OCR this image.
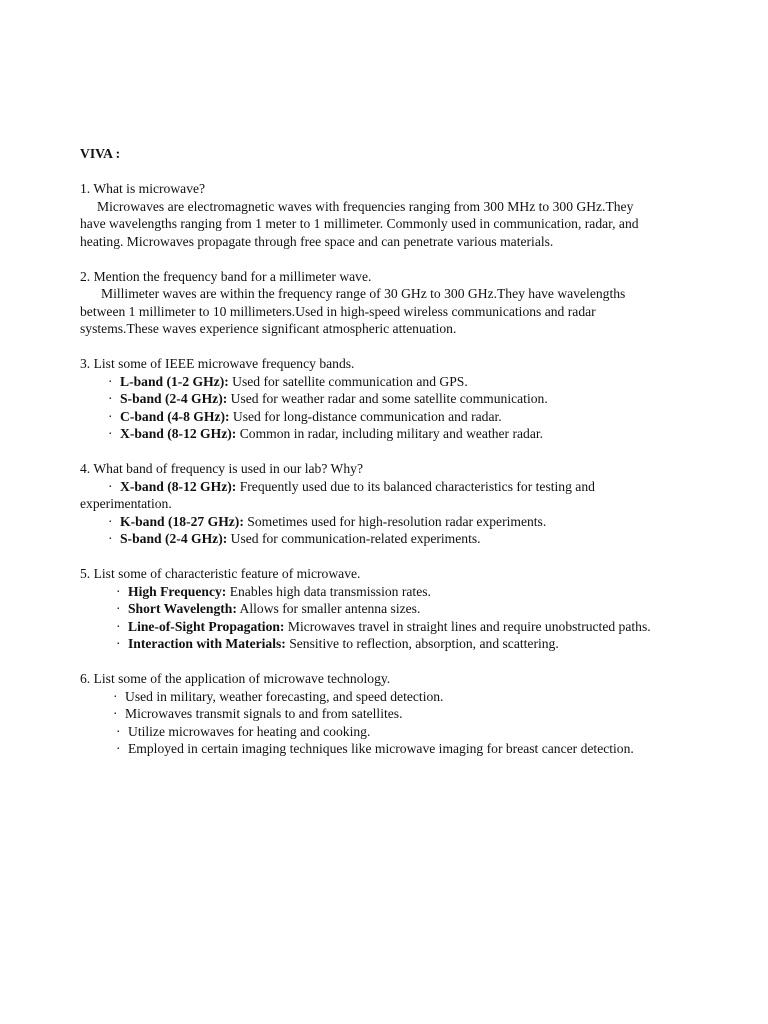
VIVA :
1. What is microwave?
Microwaves are electromagnetic waves with frequencies ranging from 300 MHz to 300 GHz.They
have wavelengths ranging from 1 meter to 1 millimeter. Commonly used in communication, radar, and
heating. Microwaves propagate through free space and can penetrate various materials.
2. Mention the frequency band for a millimeter wave.
Millimeter waves are within the frequency range of 30 GHz to 300 GHz.They have wavelengths
between 1 millimeter to 10 millimeters.Used in high-speed wireless communications and radar
systems.These waves experience significant atmospheric attenuation.
3. List some of IEEE microwave frequency bands.
· L-band (1-2 GHz): Used for satellite communication and GPS.
· S-band (2-4 GHz): Used for weather radar and some satellite communication.
· C-band (4-8 GHz): Used for long-distance communication and radar.
· X-band (8-12 GHz): Common in radar, including military and weather radar.
4. What band of frequency is used in our lab? Why?
· X-band (8-12 GHz): Frequently used due to its balanced characteristics for testing and
experimentation.
· K-band (18-27 GHz): Sometimes used for high-resolution radar experiments.
· S-band (2-4 GHz): Used for communication-related experiments.
5. List some of characteristic feature of microwave.
· High Frequency: Enables high data transmission rates.
· Short Wavelength: Allows for smaller antenna sizes.
· Line-of-Sight Propagation: Microwaves travel in straight lines and require unobstructed paths.
· Interaction with Materials: Sensitive to reflection, absorption, and scattering.
6. List some of the application of microwave technology.
· Used in military, weather forecasting, and speed detection.
· Microwaves transmit signals to and from satellites.
· Utilize microwaves for heating and cooking.
· Employed in certain imaging techniques like microwave imaging for breast cancer detection.
